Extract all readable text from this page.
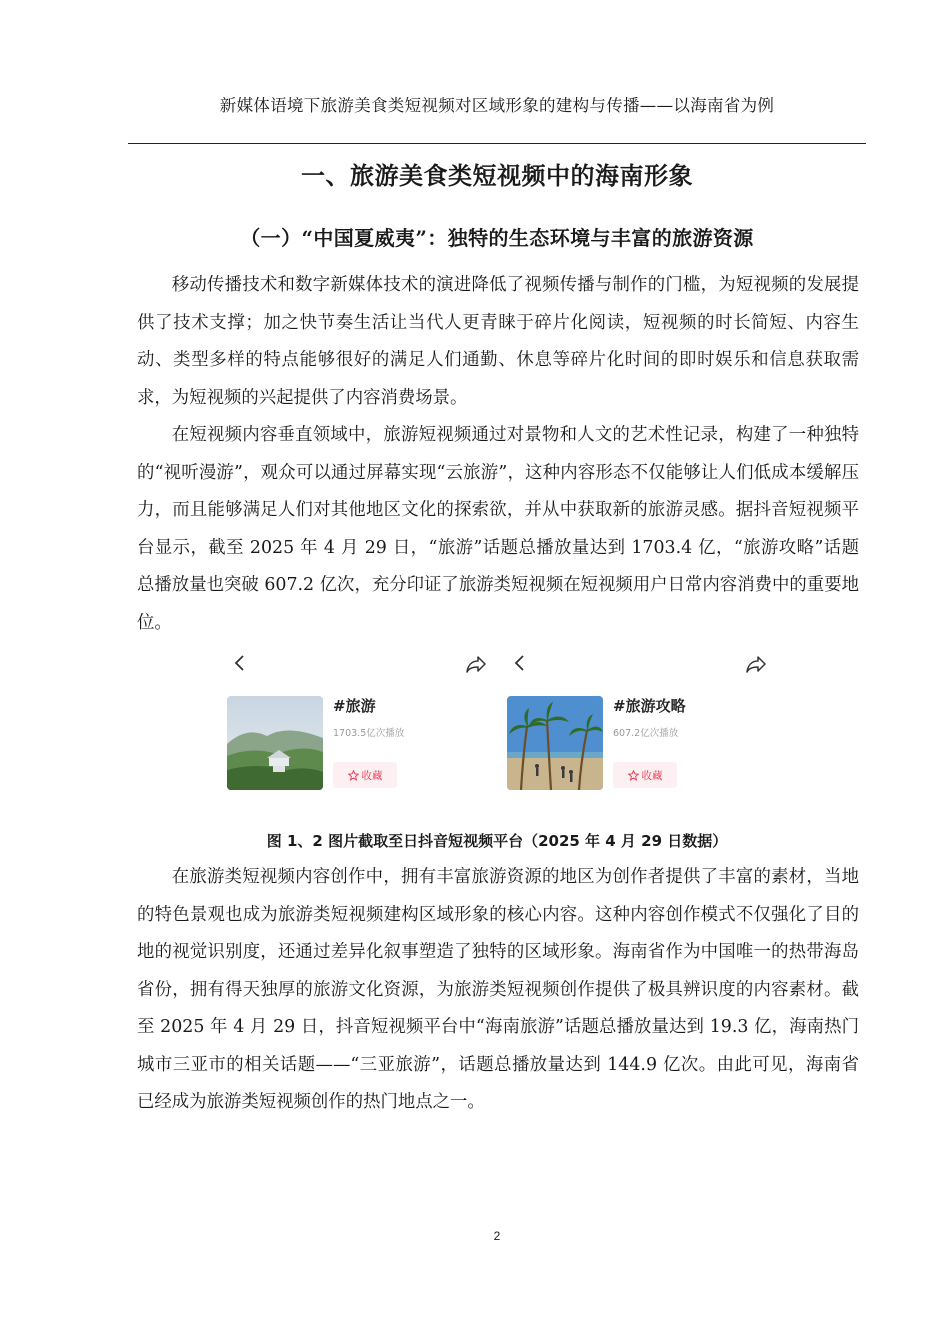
新媒体语境下旅游美食类短视频对区域形象的建构与传播——以海南省为例
一、旅游美食类短视频中的海南形象
（一）“中国夏威夷”：独特的生态环境与丰富的旅游资源

移动传播技术和数字新媒体技术的演进降低了视频传播与制作的门槛，为短视频的发展提供了技术支撑；加之快节奏生活让当代人更青睐于碎片化阅读，短视频的时长简短、内容生动、类型多样的特点能够很好的满足人们通勤、休息等碎片化时间的即时娱乐和信息获取需求，为短视频的兴起提供了内容消费场景。

在短视频内容垂直领域中，旅游短视频通过对景物和人文的艺术性记录，构建了一种独特的“视听漫游”，观众可以通过屏幕实现“云旅游”，这种内容形态不仅能够让人们低成本缓解压力，而且能够满足人们对其他地区文化的探索欲，并从中获取新的旅游灵感。据抖音短视频平台显示，截至 2025 年 4 月 29 日，“旅游”话题总播放量达到 1703.4 亿，“旅游攻略”话题总播放量也突破 607.2 亿次，充分印证了旅游类短视频在短视频用户日常内容消费中的重要地位。

#旅游
1703.5亿次播放
收藏
#旅游攻略
607.2亿次播放
收藏
图 1、2 图片截取至日抖音短视频平台（2025 年 4 月 29 日数据）

在旅游类短视频内容创作中，拥有丰富旅游资源的地区为创作者提供了丰富的素材，当地的特色景观也成为旅游类短视频建构区域形象的核心内容。这种内容创作模式不仅强化了目的地的视觉识别度，还通过差异化叙事塑造了独特的区域形象。海南省作为中国唯一的热带海岛省份，拥有得天独厚的旅游文化资源，为旅游类短视频创作提供了极具辨识度的内容素材。截至 2025 年 4 月 29 日，抖音短视频平台中“海南旅游”话题总播放量达到 19.3 亿，海南热门城市三亚市的相关话题——“三亚旅游”，话题总播放量达到 144.9 亿次。由此可见，海南省已经成为旅游类短视频创作的热门地点之一。

2
